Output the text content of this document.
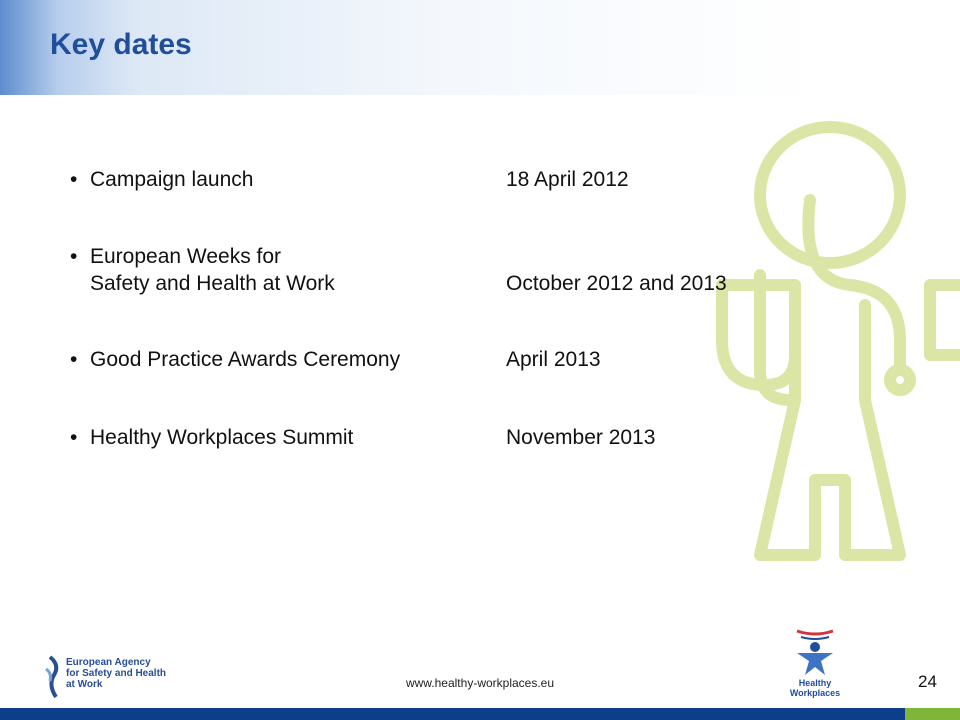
Key dates
• Campaign launch	18 April 2012
• European Weeks for
Safety and Health at Work	October 2012 and 2013
• Good Practice Awards Ceremony	April 2013
• Healthy Workplaces Summit	November 2013
European Agency
for Safety and Health
at Work	www.healthy-workplaces.eu	Healthy Workplaces
24
